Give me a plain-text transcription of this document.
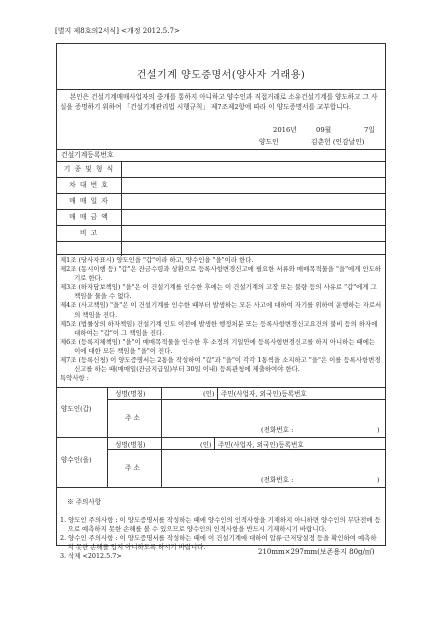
[별지 제8호의2서식] <개정 2012.5.7>
건설기계 양도증명서(양사자 거래용)
본인은 건설기계매매사업자의 중개를 통하지 아니하고 양수인과 직접거래로 소유건설기계를 양도하고 그 사실을 증명하기 위하여 「건설기계관리법 시행규칙」 제7조제2항에 따라 이 양도증명서를 교부합니다.
2016년	09월	7일
양도인	김춘헌 (인감날인)
건설기계등록번호
기 종 및 형 식
차 대 번 호
매 매 일 자
매 매 금 액
비 고

제1조 (당사자표시) 양도인을 "갑"이라 하고, 양수인을 "을"이라 한다.

제2조 (동시이행 등) "갑"은 잔금수령과 상환으로 등록사항변경신고에 필요한 서류와 매매목적물을 "을"에게 인도하기로 한다.

제3조 (하자담보책임) "을"은 이 건설기계를 인수한 후에는 이 건설기계의 고장 또는 불량 등의 사유로 "갑"에게 그 책임을 물을 수 없다.

제4조 (사고책임) "을"은 이 건설기계를 인수한 때부터 발생하는 모든 사고에 대하여 자기를 위하여 운행하는 자로서의 책임을 진다.

제5조 (법률상의 하자책임) 건설기계 인도 이전에 발생한 행정처분 또는 등록사항변경신고요건의 불비 등의 하자에 대하여는 "갑"이 그 책임을 진다.

제6조 (등록지체책임) "을"이 매매목적물을 인수한 후 소정의 기일안에 등록사항변경신고를 하지 아니하는 때에는 이에 대한 모든 책임을 "을"이 진다.

제7조 (등록신청) 이 양도증명서는 2통을 작성하여 "갑"과 "을"이 각각 1통씩을 소지하고 "을"은 이를 등록사항변경신고를 하는 때(매매일(잔금지급일)부터 30일 이내) 등록관청에 제출하여야 한다.

특약사항 :

양도인(갑)
성명(명칭)	(인) 주민(사업자, 외국인)등록번호
주 소
(전화번호 :	)
양수인(을)
성명(명칭)	(인) 주민(사업자, 외국인)등록번호
주 소
(전화번호 :	)
※ 주의사항

1. 양도인 주의사항 : 이 양도증명서를 작성하는 때에 양수인의 인적사항을 기재하지 아니하면 양수인의 무단전매 등으로 예측하지 못한 손해를 볼 수 있으므로 양수인의 인적사항을 반드시 기재하시기 바랍니다.

2. 양수인 주의사항 : 이 양도증명서를 작성하는 때에 이 건설기계에 대하여 압류·근저당설정 등을 확인하여 예측하지 못한 손해를 입지 아니하도록 하시기 바랍니다.

3. 삭제 <2012.5.7>

210mm×297mm(보존용지 80g/㎡)
